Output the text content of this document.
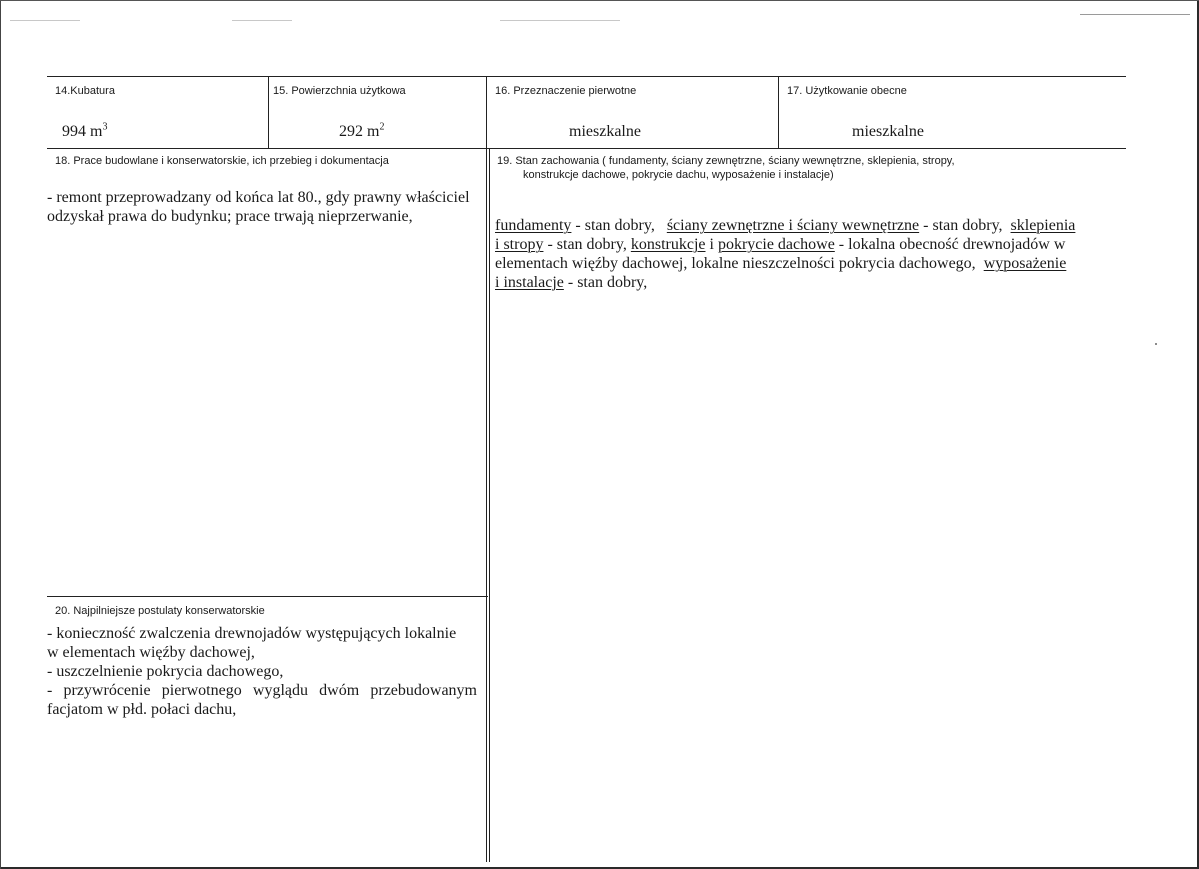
14.Kubatura	15. Powierzchnia użytkowa	16. Przeznaczenie pierwotne	17. Użytkowanie obecne
994 $m^3$	292 $m^2$	mieszkalne	mieszkalne
18. Prace budowlane i konserwatorskie, ich przebieg i dokumentacja
- remont przeprowadzany od końca lat 80., gdy prawny właściciel
odzyskał prawa do budynku; prace trwają nieprzerwanie,
19. Stan zachowania ( fundamenty, ściany zewnętrzne, ściany wewnętrzne, sklepienia, stropy,
konstrukcje dachowe, pokrycie dachu, wyposażenie i instalacje)
fundamenty - stan dobry,   ściany zewnętrzne i ściany wewnętrzne - stan dobry,  sklepienia
i stropy - stan dobry, konstrukcje i pokrycie dachowe - lokalna obecność drewnojadów w
elementach więźby dachowej, lokalne nieszczelności pokrycia dachowego,  wyposażenie
i instalacje - stan dobry,
20. Najpilniejsze postulaty konserwatorskie
- konieczność zwalczenia drewnojadów występujących lokalnie
w elementach więźby dachowej,
- uszczelnienie pokrycia dachowego,
- przywrócenie pierwotnego wyglądu dwóm przebudowanym
facjatom w płd. połaci dachu,
